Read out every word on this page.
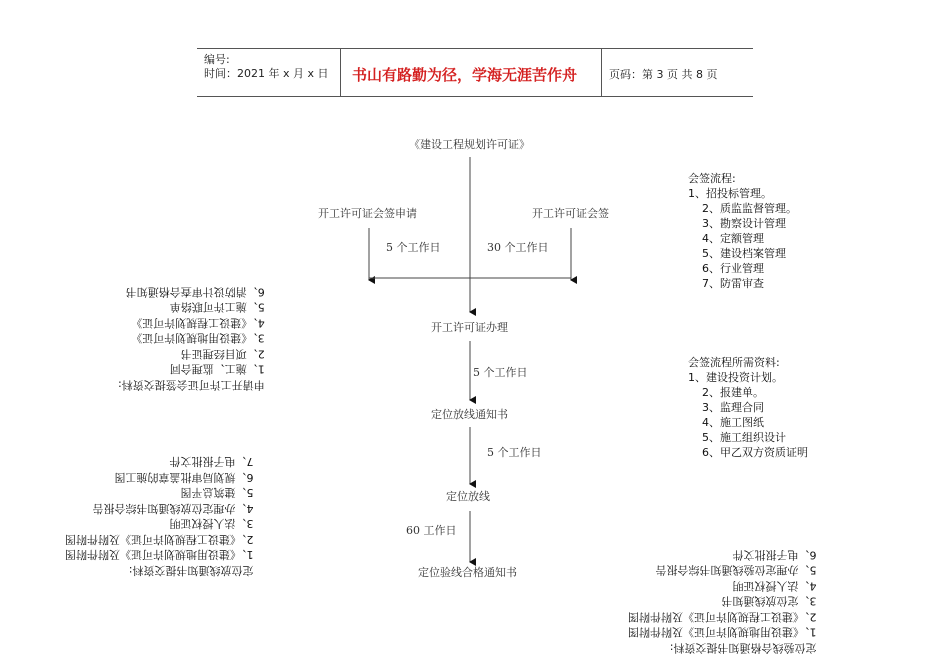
编号:
时间：2021 年 x 月 x 日 书山有路勤为径，学海无涯苦作舟	页码：第 3 页 共 8 页
《建设工程规划许可证》
开工许可证会签申请	开工许可证会签
5 个工作日	30 个工作日
开工许可证办理
5 个工作日
定位放线通知书
5 个工作日
定位放线
60 工作日
定位验线合格通知书
会签流程:
1、招投标管理。
2、质监监督管理。
3、勘察设计管理
4、定额管理
5、建设档案管理
6、行业管理
7、防雷审查
会签流程所需资料:
1、建设投资计划。
2、报建单。
3、监理合同
4、施工图纸
5、施工组织设计
6、甲乙双方资质证明
申请开工许可证会签提交资料:
1、施工、监理合同
2、项目经理证书
3、《建设用地规划许可证》
4、《建设工程规划许可证》
5、施工许可联络单
6、消防设计审查合格通知书
定位放线通知书提交资料:
1、《建设用地规划许可证》及附件附图
2、《建设工程规划许可证》及附件附图
3、法人授权证明
4、办理定位放线通知书综合报告
5、建筑总平图
6、规划局审批盖章的施工图
7、电子报批文件
定位验线合格通知书提交资料:
1、《建设用地规划许可证》及附件附图
2、《建设工程规划许可证》及附件附图
3、定位放线通知书
4、法人授权证明
5、办理定位验线通知书综合报告
6、电子报批文件
